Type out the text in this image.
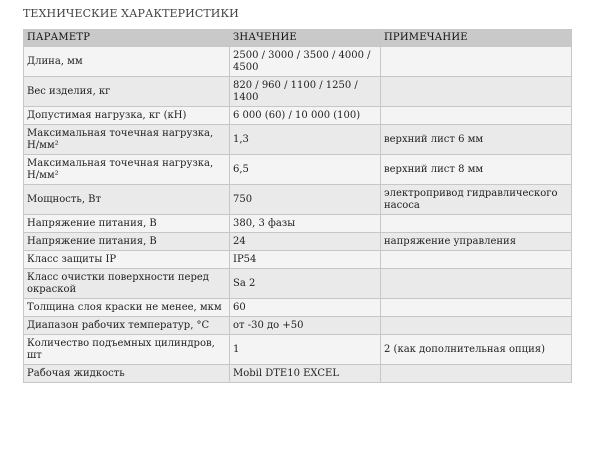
ТЕХНИЧЕСКИЕ ХАРАКТЕРИСТИКИ
ПАРАМЕТР	ЗНАЧЕНИЕ	ПРИМЕЧАНИЕ
Длина, мм	2500 / 3000 / 3500 / 4000 / 4500	
Вес изделия, кг	820 / 960 / 1100 / 1250 / 1400	
Допустимая нагрузка, кг (кН)	6 000 (60) / 10 000 (100)	
Максимальная точечная нагрузка, Н/мм²	1,3	верхний лист 6 мм
Максимальная точечная нагрузка, Н/мм²	6,5	верхний лист 8 мм
Мощность, Вт	750	электропривод гидравлического насоса
Напряжение питания, В	380, 3 фазы	
Напряжение питания, В	24	напряжение управления
Класс защиты IP	IP54	
Класс очистки поверхности перед окраской	Sa 2	
Толщина слоя краски не менее, мкм	60	
Диапазон рабочих температур, °С	от -30 до +50	
Количество подъемных цилиндров, шт	1	2 (как дополнительная опция)
Рабочая жидкость	Mobil DTE10 EXCEL	
